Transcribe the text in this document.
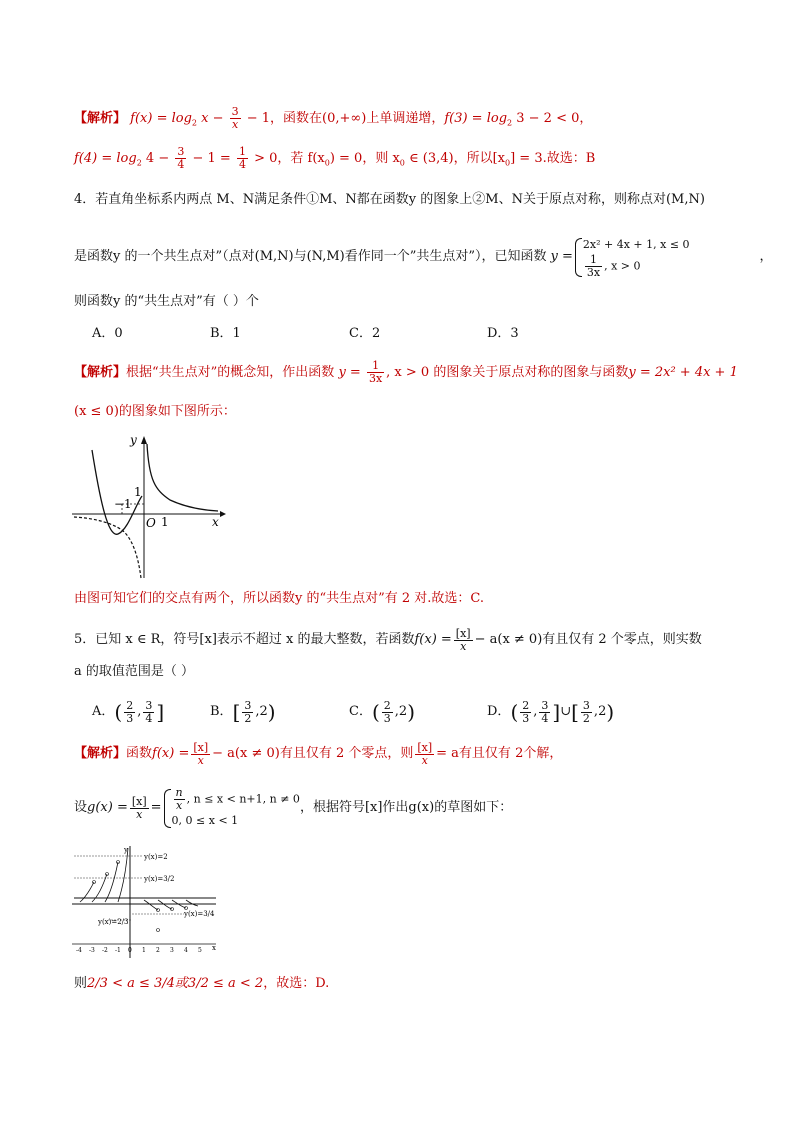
【解析】 $f(x) = \log_2 x - \frac{3}{x} - 1$，函数在(0,+∞)上单调递增，$f(3) = \log_2 3 - 2 < 0$，
$f(4) = \log_2 4 - \frac{3}{4} - 1 = \frac{1}{4} > 0$，若 $f(x_0) = 0$，则 $x_0$ ∈ (3,4)，所以$[x_0] = 3$.故选：B
4．若直角坐标系内两点 M、N满足条件①M、N都在函数y 的图象上②M、N关于原点对称，则称点对(M,N)
是函数y 的一个共生点对”（点对(M,N)与(N,M)看作同一个”共生点对”），已知函数 y =
2x² + 4x + 1, x ≤ 0
$\frac{1}{3x}$ , x > 0
，
则函数y 的“共生点对”有（ ）个
A．0	B．1	C．2	D．3
【解析】根据“共生点对”的概念知，作出函数 $y = \frac{1}{3x}$ , x > 0 的图象关于原点对称的图象与函数y = 2x² + 4x + 1
(x ≤ 0)的图象如下图所示：
y
x
O
1
−1
1
由图可知它们的交点有两个，所以函数y 的“共生点对”有 2 对.故选：C.
5．已知 x ∈ R，符号[x]表示不超过 x 的最大整数，若函数 $f(x) = \frac{[x]}{x} - a(x \ne 0)$有且仅有 2 个零点，则实数
a 的取值范围是（ ）
A． ( $\frac{2}{3}$ , $\frac{3}{4}$ ]	B． [ $\frac{3}{2}$ , 2 )	C． ( $\frac{2}{3}$ , 2 )	D． ( $\frac{2}{3}$ , $\frac{3}{4}$ ] ∪ [ $\frac{3}{2}$ , 2 )
【解析】 函数 $f(x) = \frac{[x]}{x} - a(x \ne 0)$有且仅有 2 个零点，则 $\frac{[x]}{x} = a$有且仅有 2个解，
设 $g(x) = \frac{[x]}{x} = \frac{n}{x}$ , n ≤ x < n+1, n ≠ 0
0, 0 ≤ x < 1
，根据符号[x]作出g(x)的草图如下：
y(x)=2
y(x)=3/2
y(x)=3/4
y(x)=2/3
y
x
-4 -3 -2 -1 0 1 2 3 4 5
则2/3 < a ≤ 3/4或3/2 ≤ a < 2，故选：D.
